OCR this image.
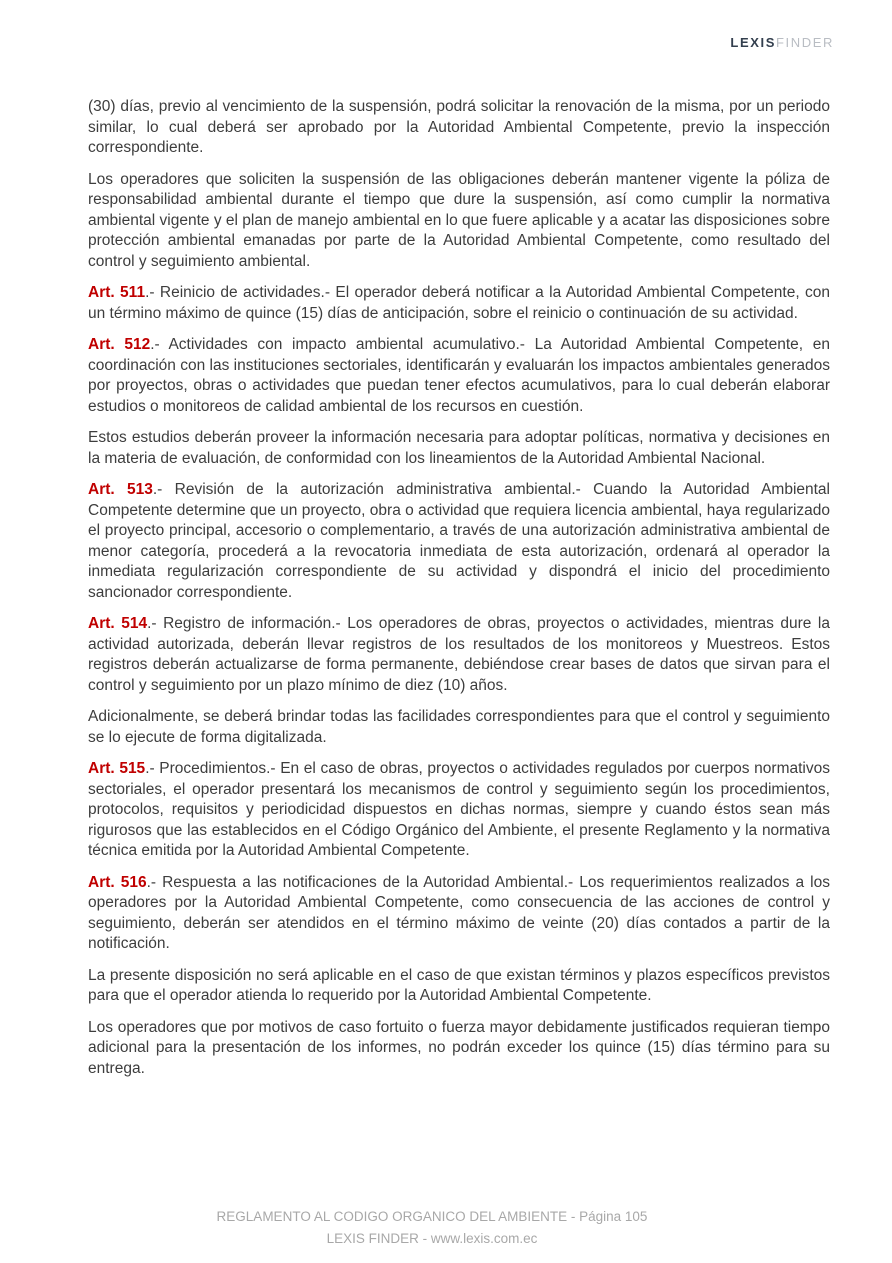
LEXISFINDER

(30) días, previo al vencimiento de la suspensión, podrá solicitar la renovación de la misma, por un periodo similar, lo cual deberá ser aprobado por la Autoridad Ambiental Competente, previo la inspección correspondiente.

Los operadores que soliciten la suspensión de las obligaciones deberán mantener vigente la póliza de responsabilidad ambiental durante el tiempo que dure la suspensión, así como cumplir la normativa ambiental vigente y el plan de manejo ambiental en lo que fuere aplicable y a acatar las disposiciones sobre protección ambiental emanadas por parte de la Autoridad Ambiental Competente, como resultado del control y seguimiento ambiental.

Art. 511.- Reinicio de actividades.- El operador deberá notificar a la Autoridad Ambiental Competente, con un término máximo de quince (15) días de anticipación, sobre el reinicio o continuación de su actividad.

Art. 512.- Actividades con impacto ambiental acumulativo.- La Autoridad Ambiental Competente, en coordinación con las instituciones sectoriales, identificarán y evaluarán los impactos ambientales generados por proyectos, obras o actividades que puedan tener efectos acumulativos, para lo cual deberán elaborar estudios o monitoreos de calidad ambiental de los recursos en cuestión.

Estos estudios deberán proveer la información necesaria para adoptar políticas, normativa y decisiones en la materia de evaluación, de conformidad con los lineamientos de la Autoridad Ambiental Nacional.

Art. 513.- Revisión de la autorización administrativa ambiental.- Cuando la Autoridad Ambiental Competente determine que un proyecto, obra o actividad que requiera licencia ambiental, haya regularizado el proyecto principal, accesorio o complementario, a través de una autorización administrativa ambiental de menor categoría, procederá a la revocatoria inmediata de esta autorización, ordenará al operador la inmediata regularización correspondiente de su actividad y dispondrá el inicio del procedimiento sancionador correspondiente.

Art. 514.- Registro de información.- Los operadores de obras, proyectos o actividades, mientras dure la actividad autorizada, deberán llevar registros de los resultados de los monitoreos y Muestreos. Estos registros deberán actualizarse de forma permanente, debiéndose crear bases de datos que sirvan para el control y seguimiento por un plazo mínimo de diez (10) años.

Adicionalmente, se deberá brindar todas las facilidades correspondientes para que el control y seguimiento se lo ejecute de forma digitalizada.

Art. 515.- Procedimientos.- En el caso de obras, proyectos o actividades regulados por cuerpos normativos sectoriales, el operador presentará los mecanismos de control y seguimiento según los procedimientos, protocolos, requisitos y periodicidad dispuestos en dichas normas, siempre y cuando éstos sean más rigurosos que las establecidos en el Código Orgánico del Ambiente, el presente Reglamento y la normativa técnica emitida por la Autoridad Ambiental Competente.

Art. 516.- Respuesta a las notificaciones de la Autoridad Ambiental.- Los requerimientos realizados a los operadores por la Autoridad Ambiental Competente, como consecuencia de las acciones de control y seguimiento, deberán ser atendidos en el término máximo de veinte (20) días contados a partir de la notificación.

La presente disposición no será aplicable en el caso de que existan términos y plazos específicos previstos para que el operador atienda lo requerido por la Autoridad Ambiental Competente.

Los operadores que por motivos de caso fortuito o fuerza mayor debidamente justificados requieran tiempo adicional para la presentación de los informes, no podrán exceder los quince (15) días término para su entrega.

REGLAMENTO AL CODIGO ORGANICO DEL AMBIENTE - Página 105
LEXIS FINDER - www.lexis.com.ec
